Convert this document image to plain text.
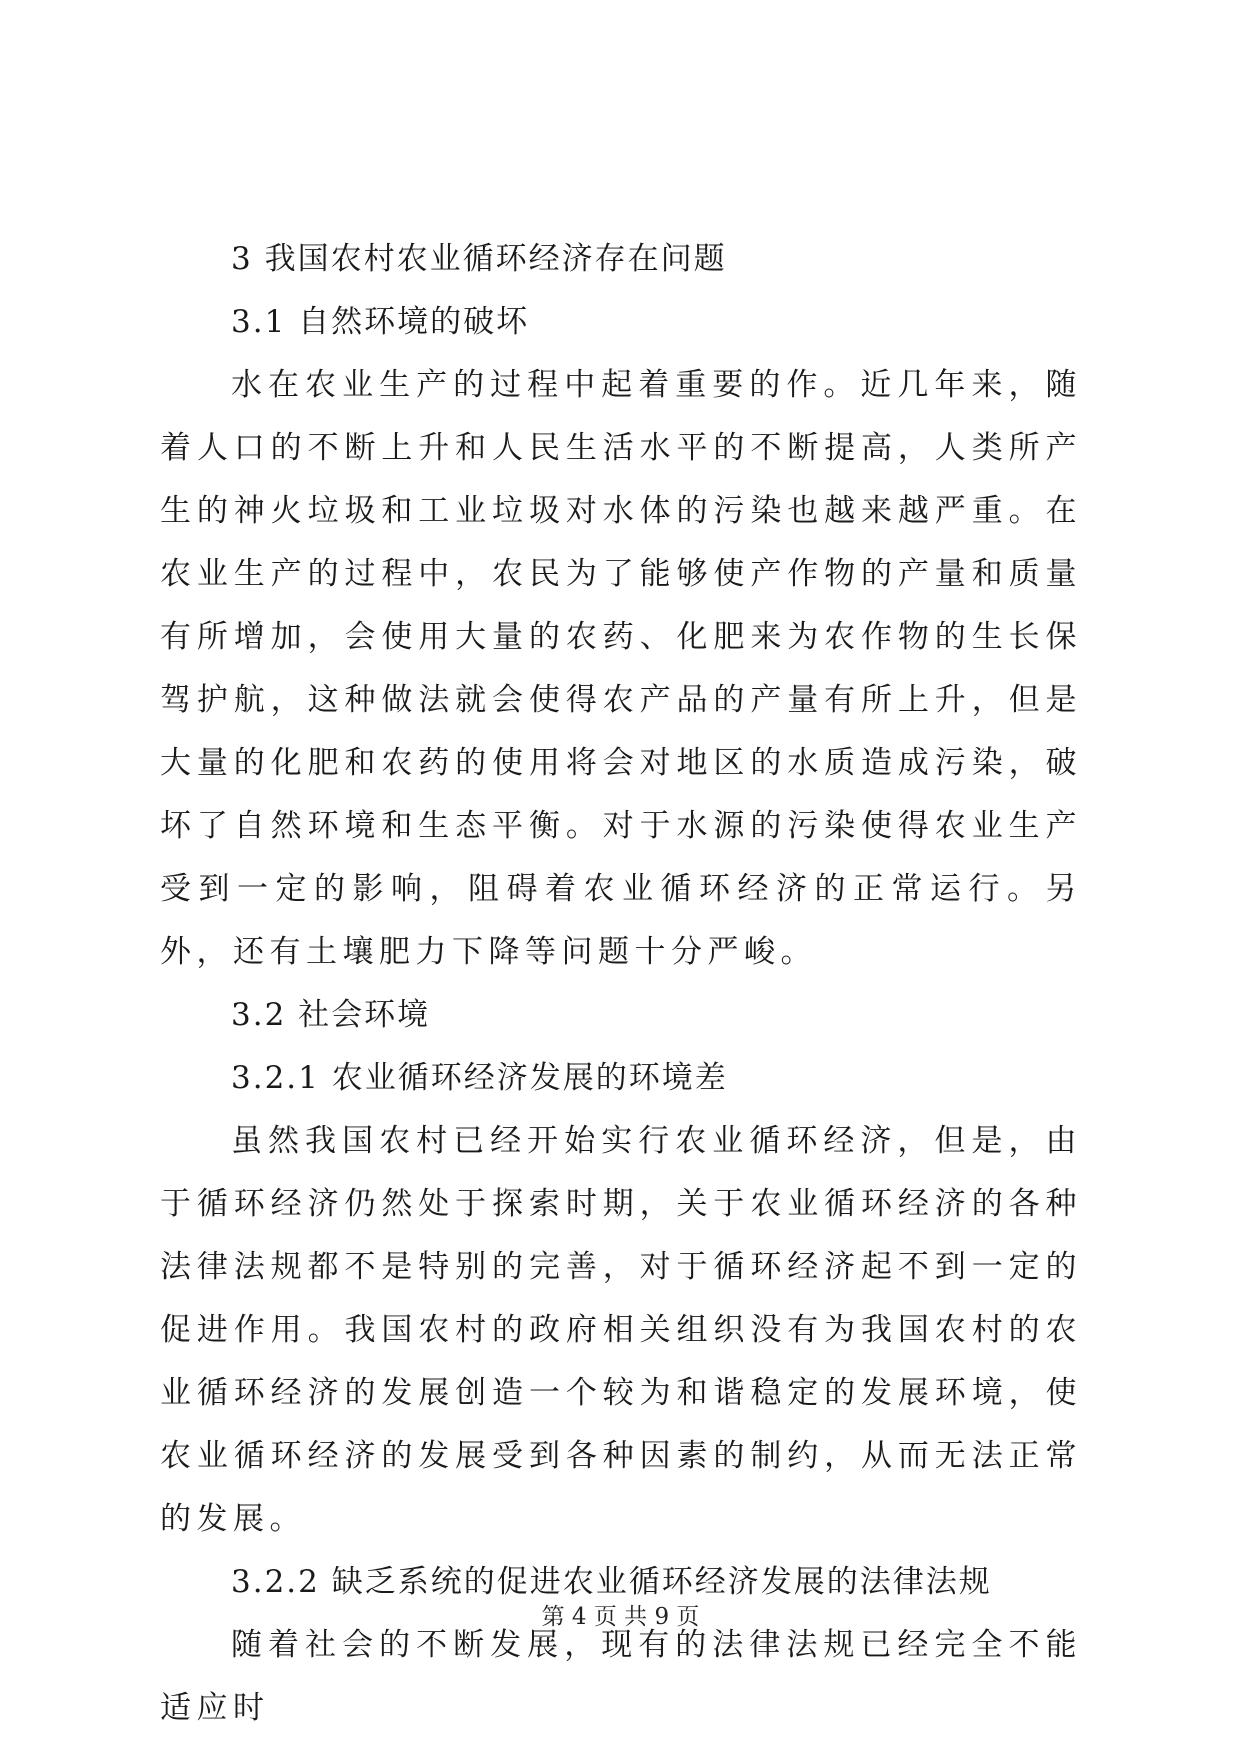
3 我国农村农业循环经济存在问题
3.1 自然环境的破坏
水在农业生产的过程中起着重要的作。近几年来，随着人口的不断上升和人民生活水平的不断提高，人类所产生的神火垃圾和工业垃圾对水体的污染也越来越严重。在农业生产的过程中，农民为了能够使产作物的产量和质量有所增加，会使用大量的农药、化肥来为农作物的生长保驾护航，这种做法就会使得农产品的产量有所上升，但是大量的化肥和农药的使用将会对地区的水质造成污染，破坏了自然环境和生态平衡。对于水源的污染使得农业生产受到一定的影响，阻碍着农业循环经济的正常运行。另外，还有土壤肥力下降等问题十分严峻。
3.2 社会环境
3.2.1 农业循环经济发展的环境差
虽然我国农村已经开始实行农业循环经济，但是，由于循环经济仍然处于探索时期，关于农业循环经济的各种法律法规都不是特别的完善，对于循环经济起不到一定的促进作用。我国农村的政府相关组织没有为我国农村的农业循环经济的发展创造一个较为和谐稳定的发展环境，使农业循环经济的发展受到各种因素的制约，从而无法正常的发展。
3.2.2 缺乏系统的促进农业循环经济发展的法律法规
随着社会的不断发展，现有的法律法规已经完全不能适应时
第 4 页 共 9 页
